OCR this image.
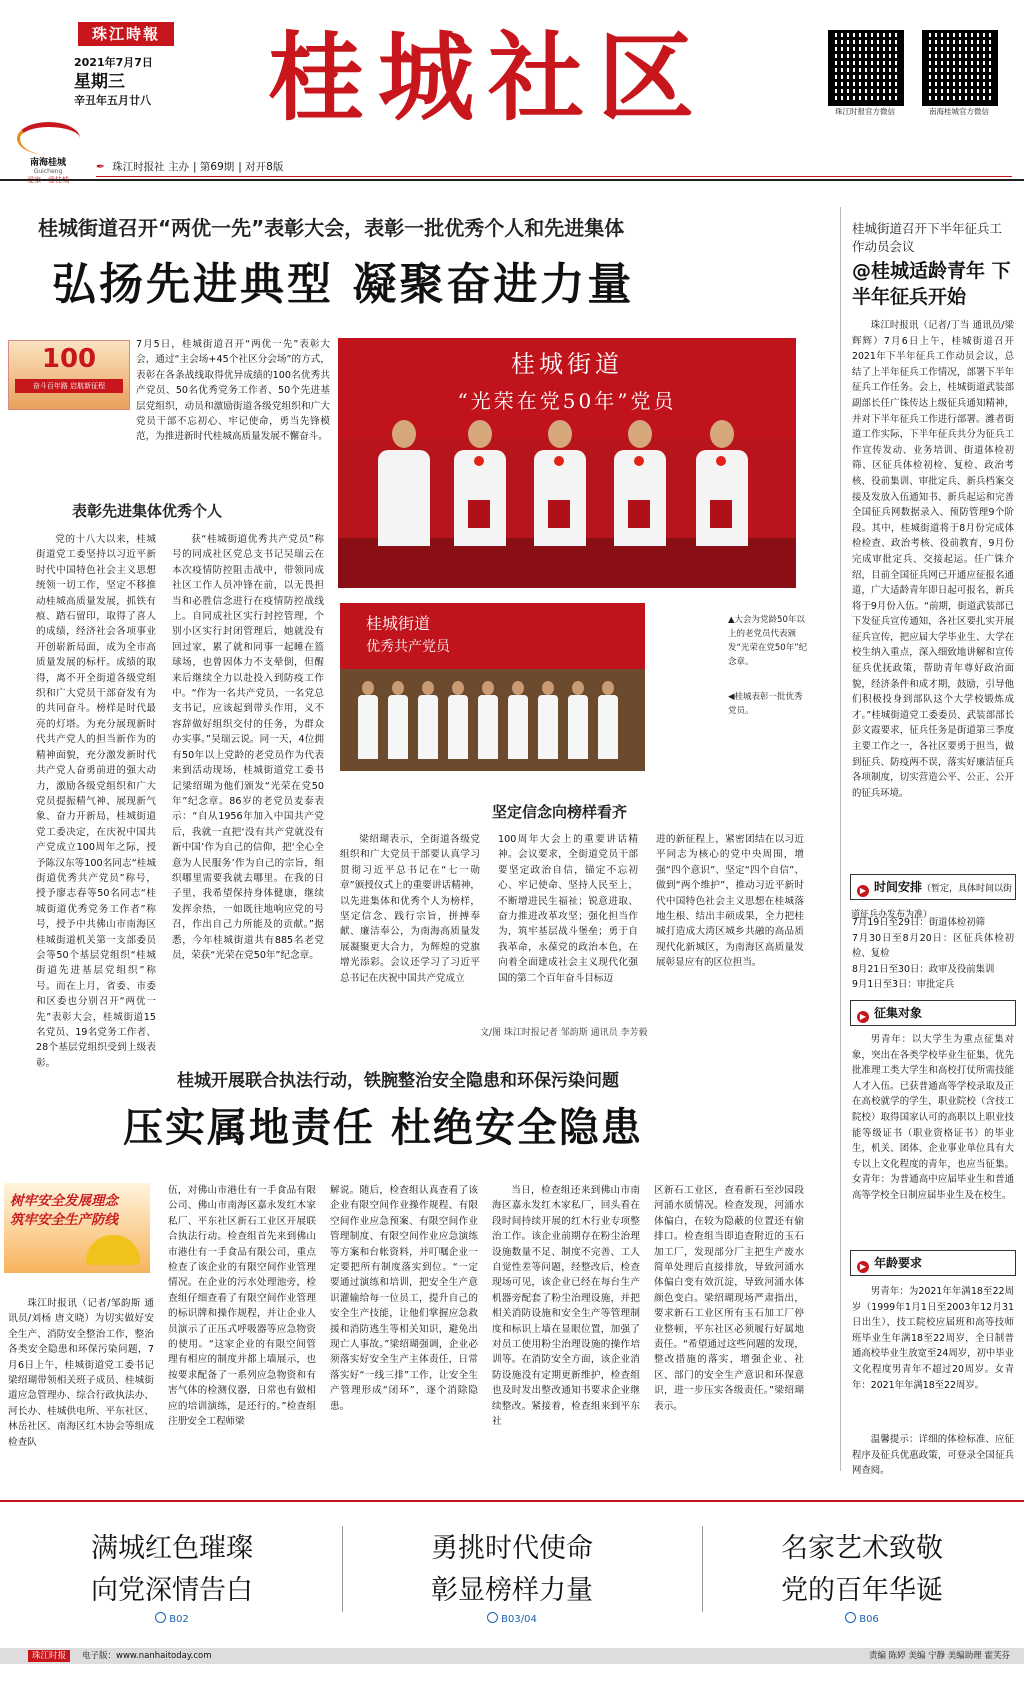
珠江時報
2021年7月7日
星期三
辛丑年五月廿八
南海桂城
Guicheng
桂城社区	珠江时报官方微信	南海桂城官方微信
✒ 珠江时报社 主办 | 第69期 | 对开8版
桂城街道召开“两优一先”表彰大会，表彰一批优秀个人和先进集体
弘扬先进典型 凝聚奋进力量
100
奋斗百年路 启航新征程

7月5日，桂城街道召开“两优一先”表彰大会，通过“主会场+45个社区分会场”的方式，表彰在各条战线取得优异成绩的100名优秀共产党员、50名优秀党务工作者、50个先进基层党组织，动员和激励街道各级党组织和广大党员干部不忘初心、牢记使命，勇当先锋模范，为推进新时代桂城高质量发展不懈奋斗。

桂城街道
“光荣在党50年”党员
桂城街道
优秀共产党员
▲大会为党龄50年以上的老党员代表颁发“光荣在党50年”纪念章。
◀桂城表彰一批优秀党员。
表彰先进集体优秀个人

党的十八大以来，桂城街道党工委坚持以习近平新时代中国特色社会主义思想统领一切工作，坚定不移推动桂城高质量发展，抓铁有痕、踏石留印，取得了喜人的成绩，经济社会各项事业开创崭新局面，成为全市高质量发展的标杆。成绩的取得，离不开全街道各级党组织和广大党员干部奋发有为的共同奋斗。榜样是时代最亮的灯塔。为充分展现新时代共产党人的担当新作为的精神面貌，充分激发新时代共产党人奋勇前进的强大动力，激励各级党组织和广大党员提振精气神、展现新气象、奋力开新局，桂城街道党工委决定，在庆祝中国共产党成立100周年之际，授予陈汉东等100名同志“桂城街道优秀共产党员”称号，授予廖志春等50名同志“桂城街道优秀党务工作者”称号，授予中共佛山市南海区桂城街道机关第一支部委员会等50个基层党组织“桂城街道先进基层党组织”称号。而在上月，省委、市委和区委也分别召开“两优一先”表彰大会，桂城街道15名党员、19名党务工作者、28个基层党组织受到上级表彰。

获“桂城街道优秀共产党员”称号的同成社区党总支书记吴瑞云在本次疫情防控阻击战中，带领同成社区工作人员冲锋在前，以无畏担当和必胜信念进行在疫情防控战线上。自同成社区实行封控管理，个别小区实行封闭管理后，她就没有回过家，累了就和同事一起睡在篮球场，也曾因体力不支晕倒，但醒来后继续全力以赴投入到防疫工作中。“作为一名共产党员，一名党总支书记，应该起到带头作用，义不容辞做好组织交付的任务，为群众办实事。”吴瑞云说。同一天，4位拥有50年以上党龄的老党员作为代表来到活动现场，桂城街道党工委书记梁绍瑚为他们颁发“光荣在党50年”纪念章。86岁的老党员麦泰表示：“自从1956年加入中国共产党后，我就一直把‘没有共产党就没有新中国’作为自己的信仰，把‘全心全意为人民服务’作为自己的宗旨，组织哪里需要我就去哪里。在我的日子里，我希望保持身体健康，继续发挥余热，一如既往地响应党的号召，作出自己力所能及的贡献。”据悉，今年桂城街道共有885名老党员，荣获“光荣在党50年”纪念章。

坚定信念向榜样看齐

梁绍瑚表示，全街道各级党组织和广大党员干部要认真学习贯彻习近平总书记在“七一勋章”颁授仪式上的重要讲话精神，以先进集体和优秀个人为榜样，坚定信念、践行宗旨，拼搏奉献、廉洁奉公，为南海高质量发展凝聚更大合力，为辉煌的党旗增光添彩。会议还学习了习近平总书记在庆祝中国共产党成立

100周年大会上的重要讲话精神。会议要求，全街道党员干部要坚定政治自信，锚定不忘初心、牢记使命、坚持人民至上，不断增进民生福祉；锐意进取、奋力推进改革攻坚；强化担当作为，筑牢基层战斗堡垒；勇于自我革命，永葆党的政治本色，在向着全面建成社会主义现代化强国的第二个百年奋斗目标迈

进的新征程上，紧密团结在以习近平同志为核心的党中央周围，增强“四个意识”、坚定“四个自信”、做到“两个维护”，推动习近平新时代中国特色社会主义思想在桂城落地生根、结出丰硕成果，全力把桂城打造成大湾区城乡共融的高品质现代化新城区，为南海区高质量发展彰显应有的区位担当。

文/图 珠江时报记者 邹韵斯 通讯员 李芳毅
桂城开展联合执法行动，铁腕整治安全隐患和环保污染问题
压实属地责任 杜绝安全隐患
树牢安全发展理念
筑牢安全生产防线

珠江时报讯（记者/邹韵斯 通讯员/刘杨 唐文晓）为切实做好安全生产、消防安全整治工作，整治各类安全隐患和环保污染问题，7月6日上午，桂城街道党工委书记梁绍瑚带领相关班子成员、桂城街道应急管理办、综合行政执法办、河长办、桂城供电所、平东社区、林岳社区、南海区红木协会等组成检查队

伍，对佛山市港仕有一手食品有限公司、佛山市南海区嘉永发红木家私厂、平东社区新石工业区开展联合执法行动。检查组首先来到佛山市港仕有一手食品有限公司，重点检查了该企业的有限空间作业管理情况。在企业的污水处理池旁，检查组仔细查看了有限空间作业管理的标识牌和操作规程，并让企业人员演示了正压式呼吸器等应急物资的使用。“这家企业的有限空间管理有相应的制度并都上墙展示，也按要求配备了一系列应急物资和有害气体的检测仪器，日常也有做相应的培训演练，是还行的。”检查组注册安全工程师梁

解说。随后，检查组认真查看了该企业有限空间作业操作规程、有限空间作业应急预案、有限空间作业管理制度、有限空间作业应急演练等方案和台帐资料，并叮嘱企业一定要把所有制度落实到位。“一定要通过演练和培训，把安全生产意识灌输给每一位员工，提升自己的安全生产技能，让他们掌握应急救援和消防逃生等相关知识，避免出现亡人事故。”梁绍瑚强调，企业必须落实好安全生产主体责任，日常落实好“一线三排”工作，让安全生产管理形成“闭环”，逐个消除隐患。

当日，检查组还来到佛山市南海区嘉永发红木家私厂，回头看在段时间持续开展的红木行业专项整治工作。该企业前期存在粉尘治理设施数量不足、制度不完善、工人自觉性差等问题，经整改后，检查现场可见，该企业已经在每台生产机器旁配套了粉尘治理设施，并把相关消防设施和安全生产等管理制度和标识上墙在显眼位置，加强了对员工使用粉尘治理设施的操作培训等。在消防安全方面，该企业消防设施没有定期更新维护，检查组也及时发出整改通知书要求企业继续整改。紧接着，检查组来到平东社

区新石工业区，查看新石至沙园段河涌水质情况。检查发现，河涌水体偏白，在较为隐蔽的位置还有偷排口。检查组当即追查附近的玉石加工厂，发现部分厂主把生产废水简单处理后直接排放，导致河涌水体偏白变有效沉淀，导致河涌水体颜色变白。梁绍瑚现场严肃指出，要求新石工业区所有玉石加工厂停业整顿，平东社区必须履行好属地责任。“希望通过这些问题的发现，整改措施的落实，增强企业、社区、部门的安全生产意识和环保意识，进一步压实各级责任。”梁绍瑚表示。

桂城街道召开下半年征兵工作动员会议
@桂城适龄青年 下半年征兵开始

珠江时报讯（记者/丁当 通讯员/梁辉辉）7月6日上午，桂城街道召开2021年下半年征兵工作动员会议，总结了上半年征兵工作情况，部署下半年征兵工作任务。会上，桂城街道武装部副部长任广铢传达上级征兵通知精神，并对下半年征兵工作进行部署。潍者街道工作实际，下半年征兵共分为征兵工作宣传发动、业务培训、街道体检初筛、区征兵体检初检、复检、政治考核、役前集训、审批定兵、新兵档案交接及发放入伍通知书、新兵起运和完善全国征兵网数据录入、预防管理9个阶段。其中，桂城街道将于8月份完成体检检查、政治考核、役前教育，9月份完成审批定兵、交接起运。任广铢介绍，目前全国征兵网已开通应征报名通道，广大适龄青年即日起可报名，新兵将于9月份入伍。“前期，街道武装部已下发征兵宣传通知，各社区要扎实开展征兵宣传，把应届大学毕业生、大学在校生纳入重点，深入细致地讲解和宣传征兵优抚政策，帮助青年尊好政治面貌，经济条件和成才期，鼓励，引导他们积极投身到部队这个大学校锻炼成才。”桂城街道党工委委员、武装部部长彭文霞要求，征兵任务是街道第三季度主要工作之一，各社区要勇于担当，做到征兵、防疫两不误，落实好廉洁征兵各项制度，切实营造公平、公正、公开的征兵环境。

▶ 时间安排（暂定，具体时间以街道征兵办发布为准）
7月19日至29日：街道体检初筛
7月30日至8月20日：区征兵体检初检、复检
8月21日至30日：政审及役前集训
9月1日至3日：审批定兵
▶ 征集对象

男青年：以大学生为重点征集对象，突出在各类学校毕业生征集，优先批准理工类大学生和高校打仗所需技能人才入伍。已获普通高等学校录取及正在高校就学的学生，职业院校（含技工院校）取得国家认可的高职以上职业技能等级证书（职业资格证书）的毕业生，机关、团体、企业事业单位具有大专以上文化程度的青年，也应当征集。女青年：为普通高中应届毕业生和普通高等学校全日制应届毕业生及在校生。

▶ 年龄要求

男青年：为2021年年满18至22周岁（1999年1月1日至2003年12月31日出生），技工院校应届班和高等技师班毕业生年满18至22周岁，全日制普通高校毕业生放宽至24周岁，初中毕业文化程度男青年不超过20周岁。女青年：2021年年满18至22周岁。

温馨提示：详细的体检标准、应征程序及征兵优惠政策，可登录全国征兵网查阅。

满城红色璀璨
向党深情告白
B02
勇挑时代使命
彰显榜样力量
B03/04
名家艺术致敬
党的百年华诞
B06
珠江时报	电子版：www.nanhaitoday.com	责编 陈婷 美编 宁静 美编助理 霍芙芬
